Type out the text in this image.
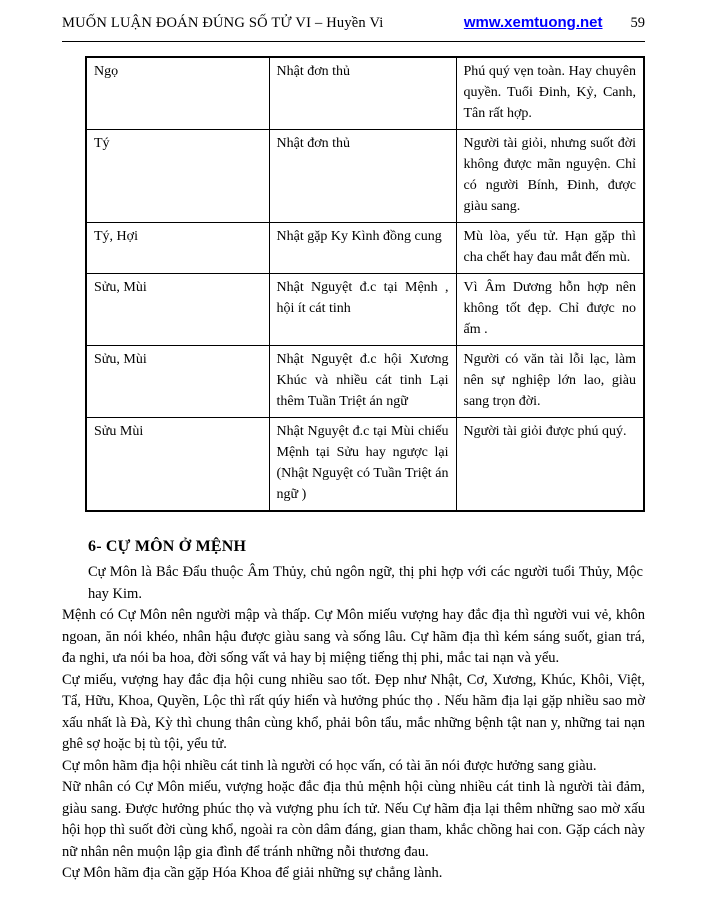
MUỐN LUẬN ĐOÁN ĐÚNG SỐ TỬ VI – Huyền Vi	wmw.xemtuong.net 59
Ngọ	Nhật đơn thủ	Phú quý vẹn toàn. Hay chuyên quyền. Tuổi Đinh, Kỷ, Canh, Tân rất hợp.
Tý	Nhật đơn thủ	Người tài giỏi, nhưng suốt đời không được mãn nguyện. Chỉ có người Bính, Đinh, được giàu sang.
Tý, Hợi	Nhật gặp Ky Kình đồng cung	Mù lòa, yếu tử. Hạn gặp thì cha chết hay đau mắt đến mù.
Sửu, Mùi	Nhật Nguyệt đ.c tại Mệnh , hội ít cát tinh	Vì Âm Dương hỗn hợp nên không tốt đẹp. Chỉ được no ấm .
Sửu, Mùi	Nhật Nguyệt đ.c hội Xương Khúc và nhiều cát tinh Lại thêm Tuần Triệt án ngữ	Người có văn tài lỗi lạc, làm nên sự nghiệp lớn lao, giàu sang trọn đời.
Sửu Mùi	Nhật Nguyệt đ.c tại Mùi chiếu Mệnh tại Sửu hay ngược lại (Nhật Nguyệt có Tuần Triệt án ngữ )	Người tài giỏi được phú quý.
6- CỰ MÔN Ở MỆNH

Cự Môn là Bắc Đẩu thuộc Âm Thủy, chủ ngôn ngữ, thị phi hợp với các người tuổi Thủy, Mộc hay Kim.

Mệnh có Cự Môn nên người mập và thấp. Cự Môn miếu vượng hay đắc địa thì người vui vẻ, khôn ngoan, ăn nói khéo, nhân hậu được giàu sang và sống lâu. Cự hãm địa thì kém sáng suốt, gian trá, đa nghi, ưa nói ba hoa, đời sống vất vả hay bị miệng tiếng thị phi, mắc tai nạn và yểu.

Cự miếu, vượng hay đắc địa hội cung nhiều sao tốt. Đẹp như Nhật, Cơ, Xương, Khúc, Khôi, Việt, Tẩ, Hữu, Khoa, Quyền, Lộc thì rất qúy hiển và hưởng phúc thọ . Nếu hãm địa lại gặp nhiều sao mờ xấu nhất là Đà, Kỳ thì chung thân cùng khổ, phải bôn tẩu, mắc những bệnh tật nan y, những tai nạn ghê sợ hoặc bị tù tội, yểu tử.

Cự môn hãm địa hội nhiều cát tinh là người có học vấn, có tài ăn nói được hưởng sang giàu.

Nữ nhân có Cự Môn miếu, vượng hoặc đắc địa thủ mệnh hội cùng nhiều cát tinh là người tài đảm, giàu sang. Được hưởng phúc thọ và vượng phu ích tử. Nếu Cự hãm địa lại thêm những sao mờ xấu hội họp thì suốt đời cùng khổ, ngoài ra còn dâm đáng, gian tham, khắc chồng hai con. Gặp cách này nữ nhân nên muộn lập gia đình để tránh những nỗi thương đau.

Cự Môn hãm địa cần gặp Hóa Khoa để giải những sự chẳng lành.
